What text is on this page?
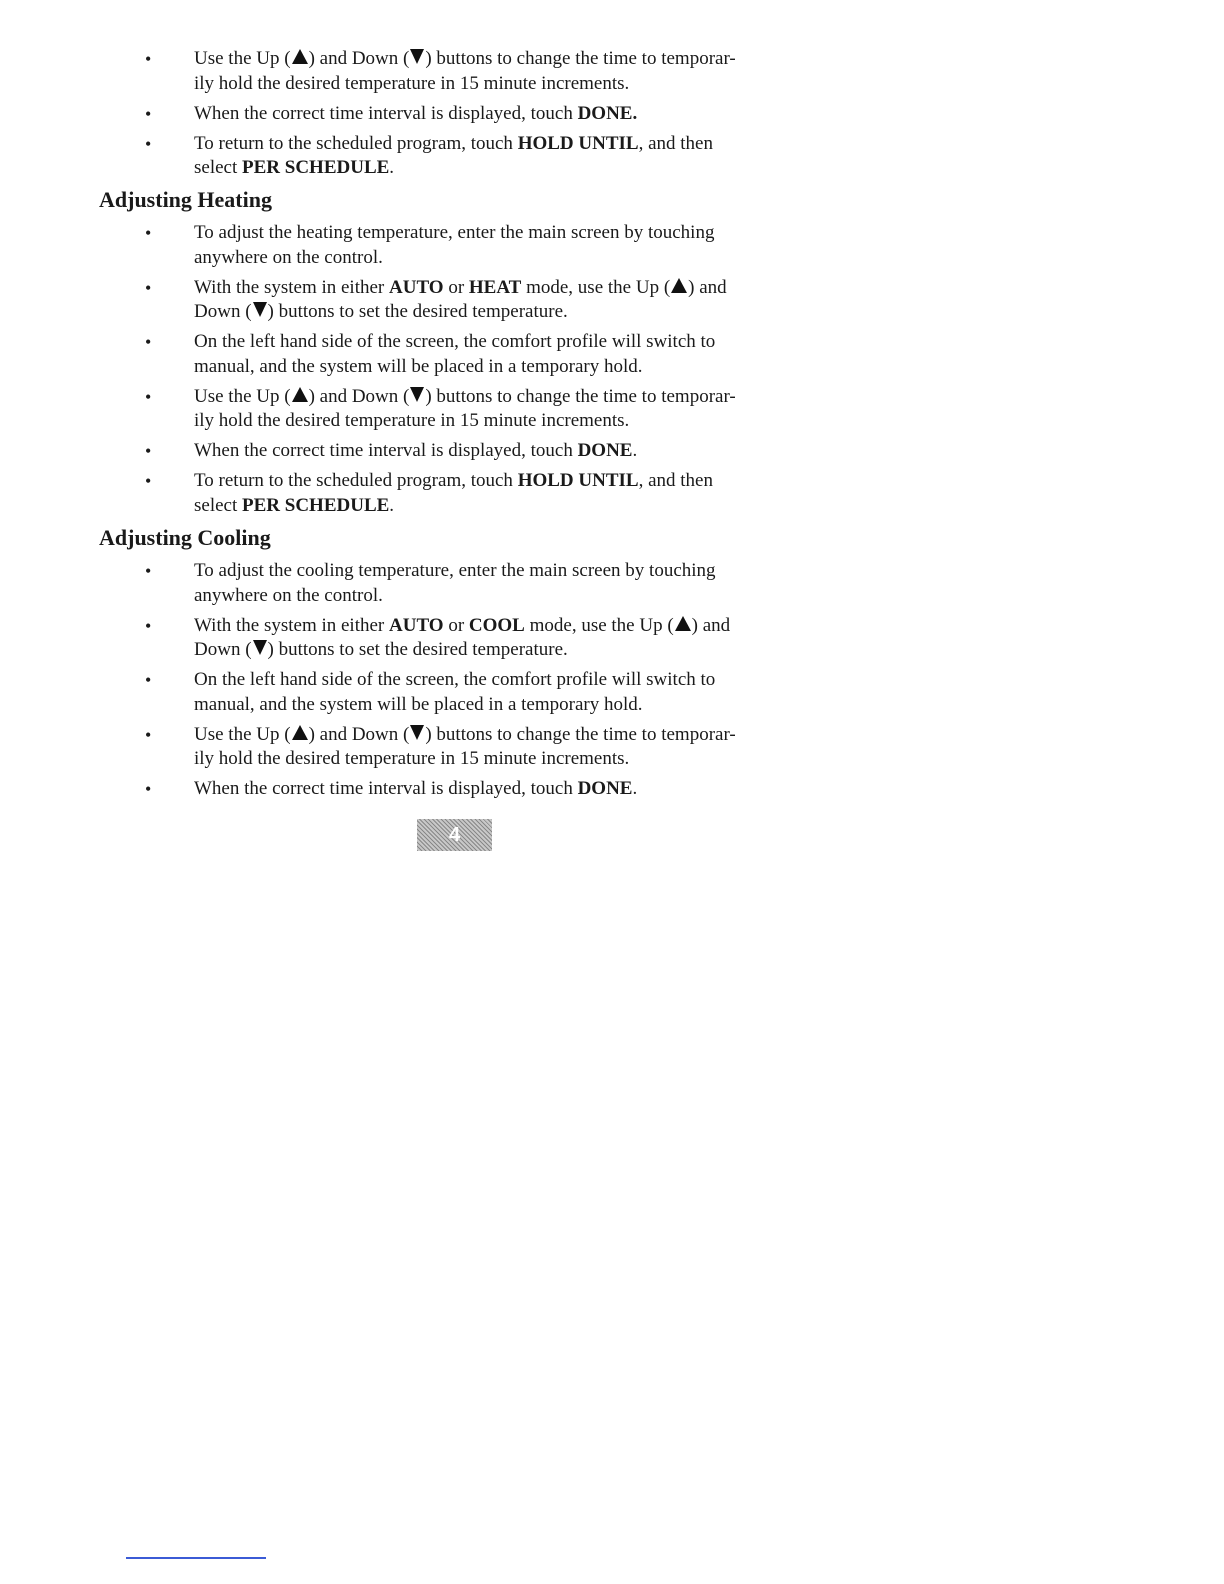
• Use the Up ( ) and Down ( ) buttons to change the time to temporar-
ily hold the desired temperature in 15 minute increments.
• When the correct time interval is displayed, touch DONE.
• To return to the scheduled program, touch HOLD UNTIL, and then
select PER SCHEDULE.
Adjusting Heating
• To adjust the heating temperature, enter the main screen by touching
anywhere on the control.
• With the system in either AUTO or HEAT mode, use the Up ( ) and
Down ( ) buttons to set the desired temperature.
• On the left hand side of the screen, the comfort profile will switch to
manual, and the system will be placed in a temporary hold.
• Use the Up ( ) and Down ( ) buttons to change the time to temporar-
ily hold the desired temperature in 15 minute increments.
• When the correct time interval is displayed, touch DONE.
• To return to the scheduled program, touch HOLD UNTIL, and then
select PER SCHEDULE.
Adjusting Cooling
• To adjust the cooling temperature, enter the main screen by touching
anywhere on the control.
• With the system in either AUTO or COOL mode, use the Up ( ) and
Down ( ) buttons to set the desired temperature.
• On the left hand side of the screen, the comfort profile will switch to
manual, and the system will be placed in a temporary hold.
• Use the Up ( ) and Down ( ) buttons to change the time to temporar-
ily hold the desired temperature in 15 minute increments.
• When the correct time interval is displayed, touch DONE.
4
